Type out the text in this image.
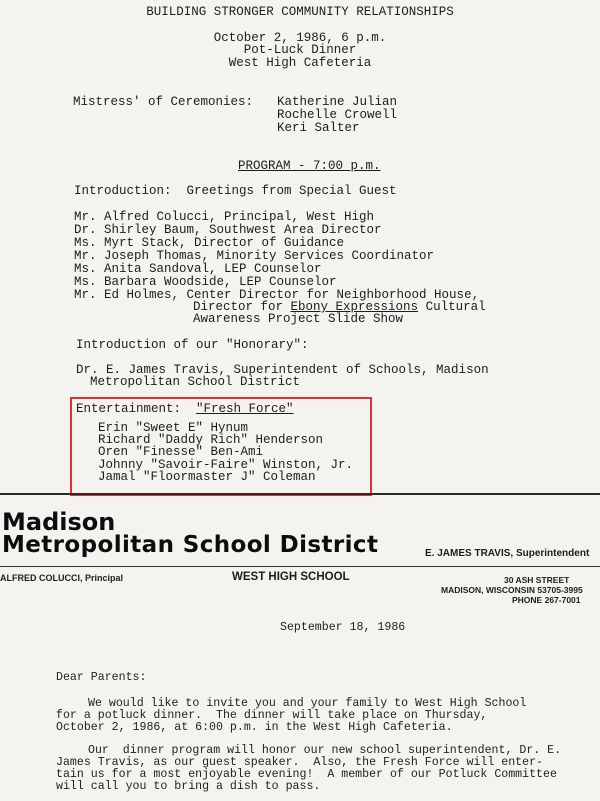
BUILDING STRONGER COMMUNITY RELATIONSHIPS
October 2, 1986, 6 p.m.
Pot-Luck Dinner
West High Cafeteria
Mistress' of Ceremonies: Katherine Julian
Rochelle Crowell
Keri Salter
PROGRAM - 7:00 p.m.
Introduction:  Greetings from Special Guest
Mr. Alfred Colucci, Principal, West High
Dr. Shirley Baum, Southwest Area Director
Ms. Myrt Stack, Director of Guidance
Mr. Joseph Thomas, Minority Services Coordinator
Ms. Anita Sandoval, LEP Counselor
Ms. Barbara Woodside, LEP Counselor
Mr. Ed Holmes, Center Director for Neighborhood House,
Director for Ebony Expressions Cultural
Awareness Project Slide Show
Introduction of our "Honorary":
Dr. E. James Travis, Superintendent of Schools, Madison
Metropolitan School District
Entertainment:  "Fresh Force"
Erin "Sweet E" Hynum
Richard "Daddy Rich" Henderson
Oren "Finesse" Ben-Ami
Johnny "Savoir-Faire" Winston, Jr.
Jamal "Floormaster J" Coleman
Madison
Metropolitan School District	E. JAMES TRAVIS, Superintendent
ALFRED COLUCCI, Principal	WEST HIGH SCHOOL	30 ASH STREET
MADISON, WISCONSIN 53705-3995
PHONE 267-7001
September 18, 1986
Dear Parents:
We would like to invite you and your family to West High School
for a potluck dinner.  The dinner will take place on Thursday,
October 2, 1986, at 6:00 p.m. in the West High Cafeteria.
Our  dinner program will honor our new school superintendent, Dr. E.
James Travis, as our guest speaker.  Also, the Fresh Force will enter-
tain us for a most enjoyable evening!  A member of our Potluck Committee
will call you to bring a dish to pass.
